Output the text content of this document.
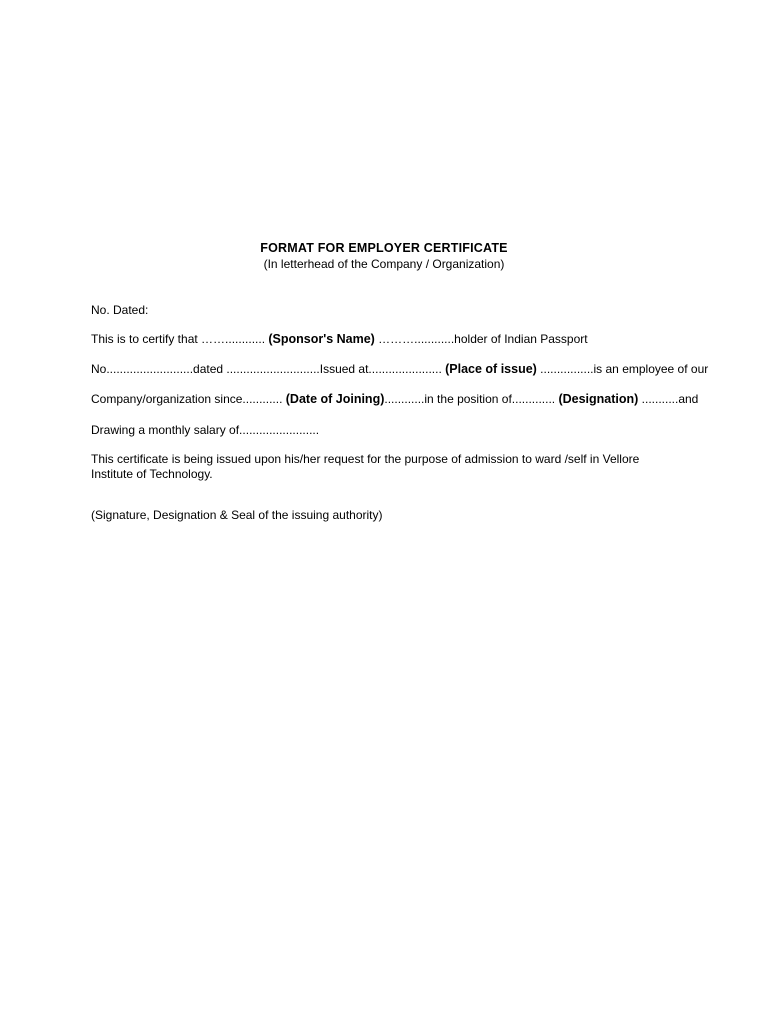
FORMAT FOR EMPLOYER CERTIFICATE
(In letterhead of the Company / Organization)
No. Dated:
This is to certify that ……............ (Sponsor's Name) ………............holder of Indian Passport
No..........................dated ............................Issued at...................... (Place of issue) ................is an employee of our
Company/organization since............ (Date of Joining)............in the position of............. (Designation) ...........and
Drawing a monthly salary of........................
This certificate is being issued upon his/her request for the purpose of admission to ward /self in Vellore Institute of Technology.
(Signature, Designation & Seal of the issuing authority)
